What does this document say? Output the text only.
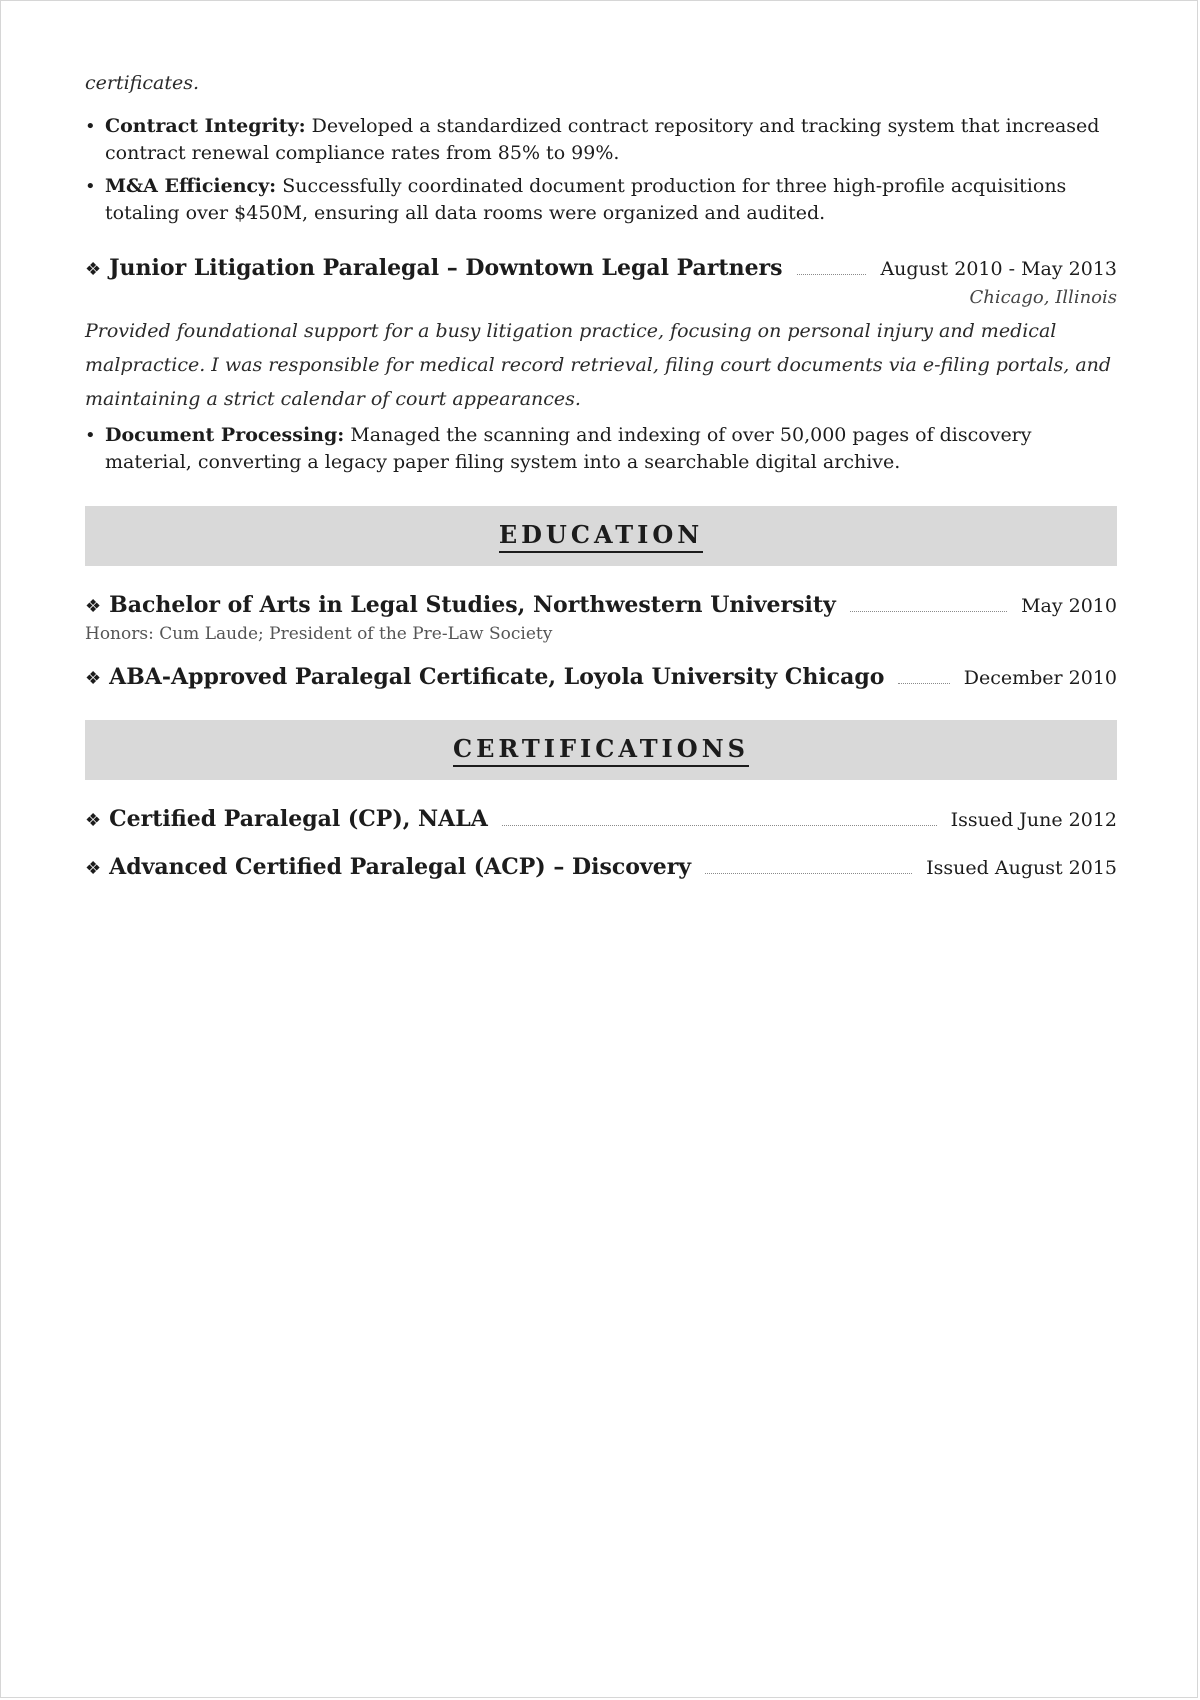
certificates.

• Contract Integrity: Developed a standardized contract repository and tracking system that increased contract renewal compliance rates from 85% to 99%.
• M&A Efficiency: Successfully coordinated document production for three high-profile acquisitions totaling over $450M, ensuring all data rooms were organized and audited.
❖ Junior Litigation Paralegal – Downtown Legal Partners	August 2010 - May 2013
Chicago, Illinois
Provided foundational support for a busy litigation practice, focusing on personal injury and medical malpractice. I was responsible for medical record retrieval, filing court documents via e-filing portals, and maintaining a strict calendar of court appearances.
• Document Processing: Managed the scanning and indexing of over 50,000 pages of discovery material, converting a legacy paper filing system into a searchable digital archive.
EDUCATION
❖ Bachelor of Arts in Legal Studies, Northwestern University	May 2010
Honors: Cum Laude; President of the Pre-Law Society
❖ ABA-Approved Paralegal Certificate, Loyola University Chicago	December 2010
CERTIFICATIONS
❖ Certified Paralegal (CP), NALA	Issued June 2012
❖ Advanced Certified Paralegal (ACP) – Discovery	Issued August 2015
